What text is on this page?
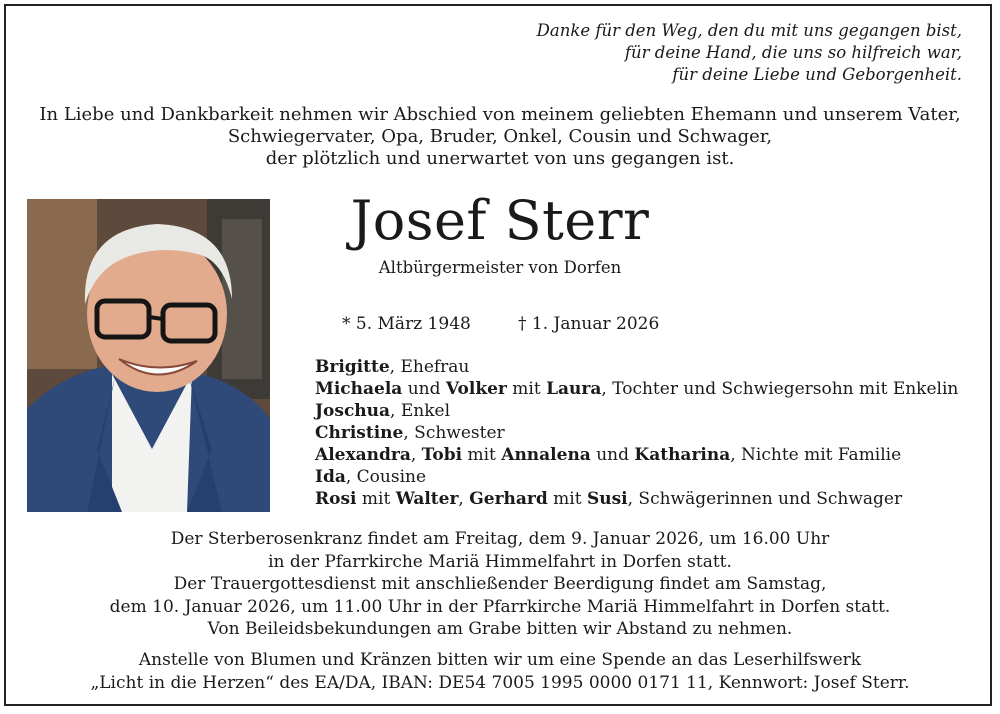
Danke für den Weg, den du mit uns gegangen bist,
für deine Hand, die uns so hilfreich war,
für deine Liebe und Geborgenheit.
In Liebe und Dankbarkeit nehmen wir Abschied von meinem geliebten Ehemann und unserem Vater,
Schwiegervater, Opa, Bruder, Onkel, Cousin und Schwager,
der plötzlich und unerwartet von uns gegangen ist.
Josef Sterr
Altbürgermeister von Dorfen
* 5. März 1948	† 1. Januar 2026
Brigitte, Ehefrau
Michaela und Volker mit Laura, Tochter und Schwiegersohn mit Enkelin
Joschua, Enkel
Christine, Schwester
Alexandra, Tobi mit Annalena und Katharina, Nichte mit Familie
Ida, Cousine
Rosi mit Walter, Gerhard mit Susi, Schwägerinnen und Schwager
Der Sterberosenkranz findet am Freitag, dem 9. Januar 2026, um 16.00 Uhr
in der Pfarrkirche Mariä Himmelfahrt in Dorfen statt.
Der Trauergottesdienst mit anschließender Beerdigung findet am Samstag,
dem 10. Januar 2026, um 11.00 Uhr in der Pfarrkirche Mariä Himmelfahrt in Dorfen statt.
Von Beileidsbekundungen am Grabe bitten wir Abstand zu nehmen.
Anstelle von Blumen und Kränzen bitten wir um eine Spende an das Leserhilfswerk
„Licht in die Herzen“ des EA/DA, IBAN: DE54 7005 1995 0000 0171 11, Kennwort: Josef Sterr.
